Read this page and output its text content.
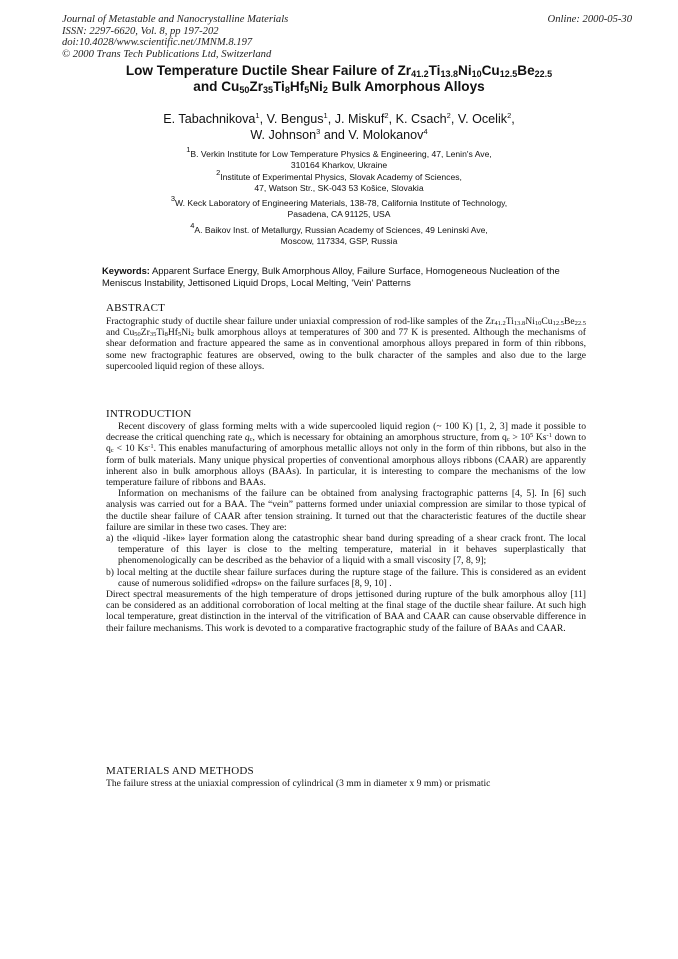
Journal of Metastable and Nanocrystalline Materials
ISSN: 2297-6620, Vol. 8, pp 197-202
doi:10.4028/www.scientific.net/JMNM.8.197
© 2000 Trans Tech Publications Ltd, Switzerland
Online: 2000-05-30
Low Temperature Ductile Shear Failure of $Zr_{41.2}Ti_{13.8}Ni_{10}Cu_{12.5}Be_{22.5}$
and $Cu_{50}Zr_{35}Ti_8Hf_5Ni_2$ Bulk Amorphous Alloys
E. Tabachnikova$^1$, V. Bengus$^1$, J. Miskuf$^2$, K. Csach$^2$, V. Ocelik$^2$,
W. Johnson$^3$ and V. Molokanov$^4$
$^1$B. Verkin Institute for Low Temperature Physics & Engineering, 47, Lenin's Ave,
310164 Kharkov, Ukraine
$^2$Institute of Experimental Physics, Slovak Academy of Sciences,
47, Watson Str., SK-043 53 Košice, Slovakia
$^3$W. Keck Laboratory of Engineering Materials, 138-78, California Institute of Technology,
Pasadena, CA 91125, USA
$^4$A. Baikov Inst. of Metallurgy, Russian Academy of Sciences, 49 Leninski Ave,
Moscow, 117334, GSP, Russia
Keywords: Apparent Surface Energy, Bulk Amorphous Alloy, Failure Surface, Homogeneous Nucleation of the Meniscus Instability, Jettisoned Liquid Drops, Local Melting, 'Vein' Patterns
ABSTRACT

Fractographic study of ductile shear failure under uniaxial compression of rod-like samples of the $Zr_{41.2}Ti_{13.8}Ni_{10}Cu_{12.5}Be_{22.5}$ and $Cu_{50}Zr_{35}Ti_8Hf_5Ni_2$ bulk amorphous alloys at temperatures of 300 and 77 K is presented. Although the mechanisms of shear deformation and fracture appeared the same as in conventional amorphous alloys prepared in form of thin ribbons, some new fractographic features are observed, owing to the bulk character of the samples and also due to the large supercooled liquid region of these alloys.

INTRODUCTION

Recent discovery of glass forming melts with a wide supercooled liquid region (~ 100 K) [1, 2, 3] made it possible to decrease the critical quenching rate $q_c$, which is necessary for obtaining an amorphous structure, from $q_c > 10^5$ $Ks^{-1}$ down to $q_c < 10$ $Ks^{-1}$. This enables manufacturing of amorphous metallic alloys not only in the form of thin ribbons, but also in the form of bulk materials. Many unique physical properties of conventional amorphous alloys ribbons (CAAR) are apparently inherent also in bulk amorphous alloys (BAAs). In particular, it is interesting to compare the mechanisms of the low temperature failure of ribbons and BAAs.

Information on mechanisms of the failure can be obtained from analysing fractographic patterns [4, 5]. In [6] such analysis was carried out for a BAA. The “vein” patterns formed under uniaxial compression are similar to those typical of the ductile shear failure of CAAR after tension straining. It turned out that the characteristic features of the ductile shear failure are similar in these two cases. They are:

a) the «liquid -like» layer formation along the catastrophic shear band during spreading of a shear crack front. The local temperature of this layer is close to the melting temperature, material in it behaves superplastically that phenomenologically can be described as the behavior of a liquid with a small viscosity [7, 8, 9];

b) local melting at the ductile shear failure surfaces during the rupture stage of the failure. This is considered as an evident cause of numerous solidified «drops» on the failure surfaces [8, 9, 10] .

Direct spectral measurements of the high temperature of drops jettisoned during rupture of the bulk amorphous alloy [11] can be considered as an additional corroboration of local melting at the final stage of the ductile shear failure. At such high local temperature, great distinction in the interval of the vitrification of BAA and CAAR can cause observable difference in their failure mechanisms. This work is devoted to a comparative fractographic study of the failure of BAAs and CAAR.

MATERIALS AND METHODS

The failure stress at the uniaxial compression of cylindrical (3 mm in diameter x 9 mm) or prismatic
